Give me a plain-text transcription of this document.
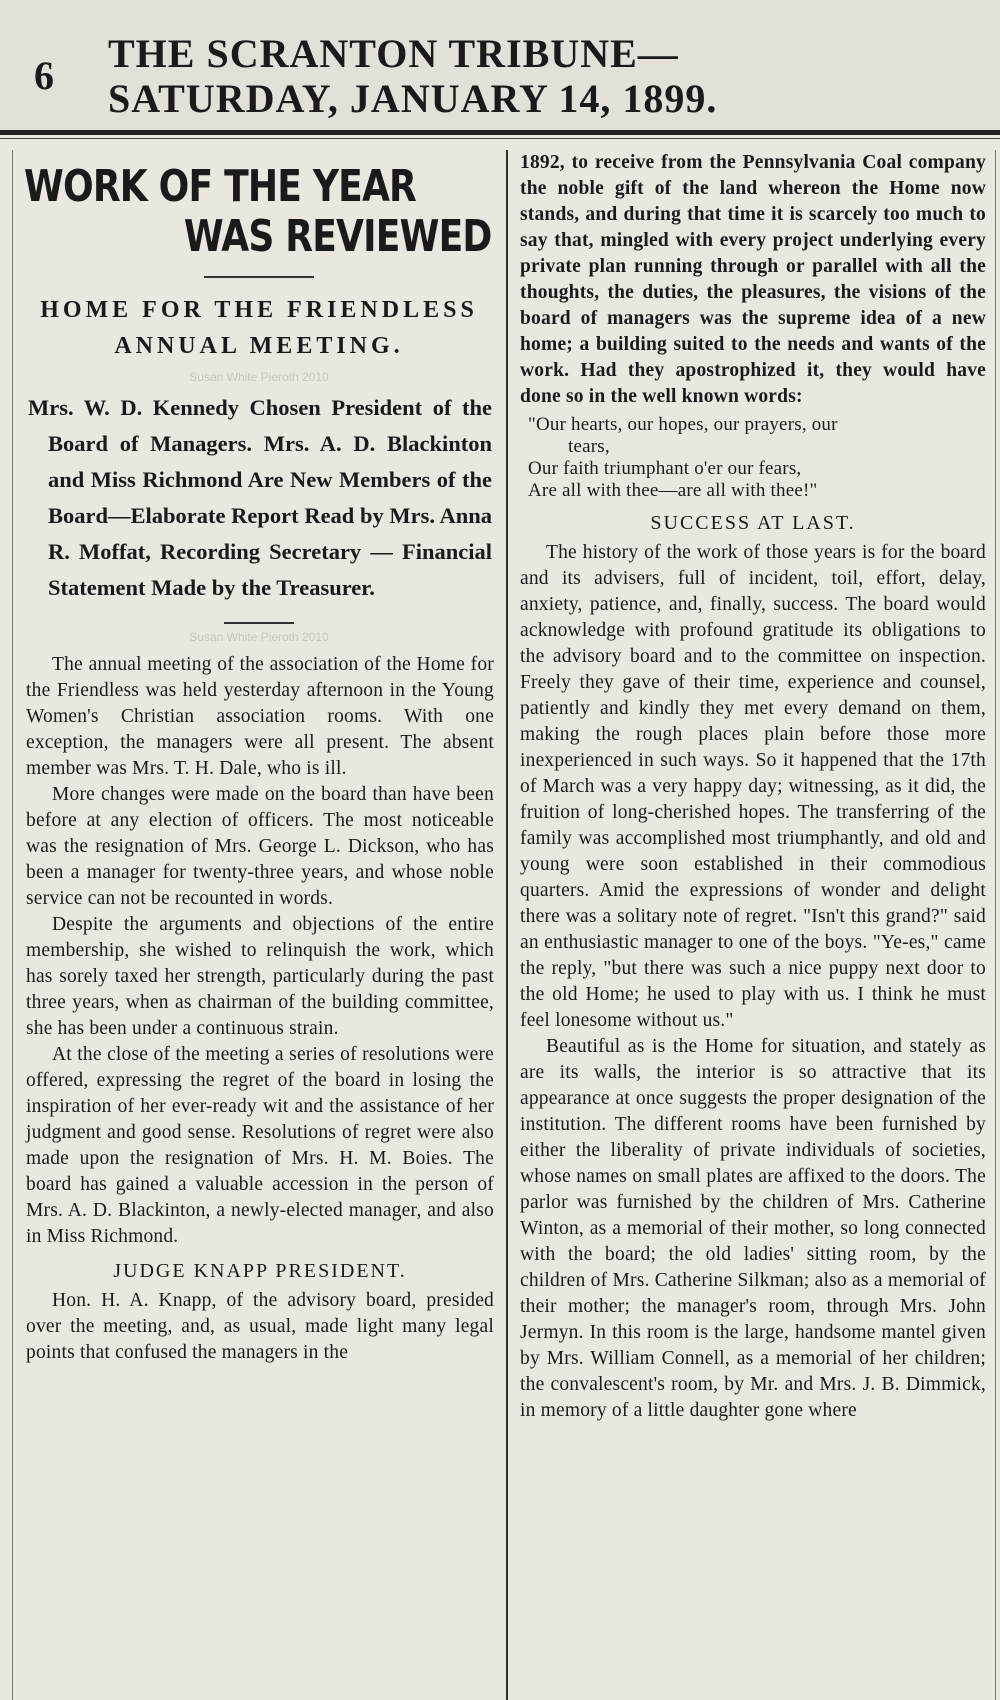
6 THE SCRANTON TRIBUNE—
SATURDAY, JANUARY 14, 1899.
WORK OF THE YEAR
WAS REVIEWED
HOME FOR THE FRIENDLESS
ANNUAL MEETING.
Susan White Pieroth 2010
Mrs. W. D. Kennedy Chosen President of the Board of Managers. Mrs. A. D. Blackinton and Miss Richmond Are New Members of the Board—Elaborate Report Read by Mrs. Anna R. Moffat, Recording Secretary — Financial Statement Made by the Treasurer.
Susan White Pieroth 2010

The annual meeting of the association of the Home for the Friendless was held yesterday afternoon in the Young Women's Christian association rooms. With one exception, the managers were all present. The absent member was Mrs. T. H. Dale, who is ill.

More changes were made on the board than have been before at any election of officers. The most noticeable was the resignation of Mrs. George L. Dickson, who has been a manager for twenty-three years, and whose noble service can not be recounted in words.

Despite the arguments and objections of the entire membership, she wished to relinquish the work, which has sorely taxed her strength, particularly during the past three years, when as chairman of the building committee, she has been under a continuous strain.

At the close of the meeting a series of resolutions were offered, expressing the regret of the board in losing the inspiration of her ever-ready wit and the assistance of her judgment and good sense. Resolutions of regret were also made upon the resignation of Mrs. H. M. Boies. The board has gained a valuable accession in the person of Mrs. A. D. Blackinton, a newly-elected manager, and also in Miss Richmond.

JUDGE KNAPP PRESIDENT.

Hon. H. A. Knapp, of the advisory board, presided over the meeting, and, as usual, made light many legal points that confused the managers in the

1892, to receive from the Pennsylvania Coal company the noble gift of the land whereon the Home now stands, and during that time it is scarcely too much to say that, mingled with every project underlying every private plan running through or parallel with all the thoughts, the duties, the pleasures, the visions of the board of managers was the supreme idea of a new home; a building suited to the needs and wants of the work. Had they apostrophized it, they would have done so in the well known words:

"Our hearts, our hopes, our prayers, our
tears,
Our faith triumphant o'er our fears,
Are all with thee—are all with thee!"
SUCCESS AT LAST.

The history of the work of those years is for the board and its advisers, full of incident, toil, effort, delay, anxiety, patience, and, finally, success. The board would acknowledge with profound gratitude its obligations to the advisory board and to the committee on inspection. Freely they gave of their time, experience and counsel, patiently and kindly they met every demand on them, making the rough places plain before those more inexperienced in such ways. So it happened that the 17th of March was a very happy day; witnessing, as it did, the fruition of long-cherished hopes. The transferring of the family was accomplished most triumphantly, and old and young were soon established in their commodious quarters. Amid the expressions of wonder and delight there was a solitary note of regret. "Isn't this grand?" said an enthusiastic manager to one of the boys. "Ye-es," came the reply, "but there was such a nice puppy next door to the old Home; he used to play with us. I think he must feel lonesome without us."

Beautiful as is the Home for situation, and stately as are its walls, the interior is so attractive that its appearance at once suggests the proper designation of the institution. The different rooms have been furnished by either the liberality of private individuals of societies, whose names on small plates are affixed to the doors. The parlor was furnished by the children of Mrs. Catherine Winton, as a memorial of their mother, so long connected with the board; the old ladies' sitting room, by the children of Mrs. Catherine Silkman; also as a memorial of their mother; the manager's room, through Mrs. John Jermyn. In this room is the large, handsome mantel given by Mrs. William Connell, as a memorial of her children; the convalescent's room, by Mr. and Mrs. J. B. Dimmick, in memory of a little daughter gone where
